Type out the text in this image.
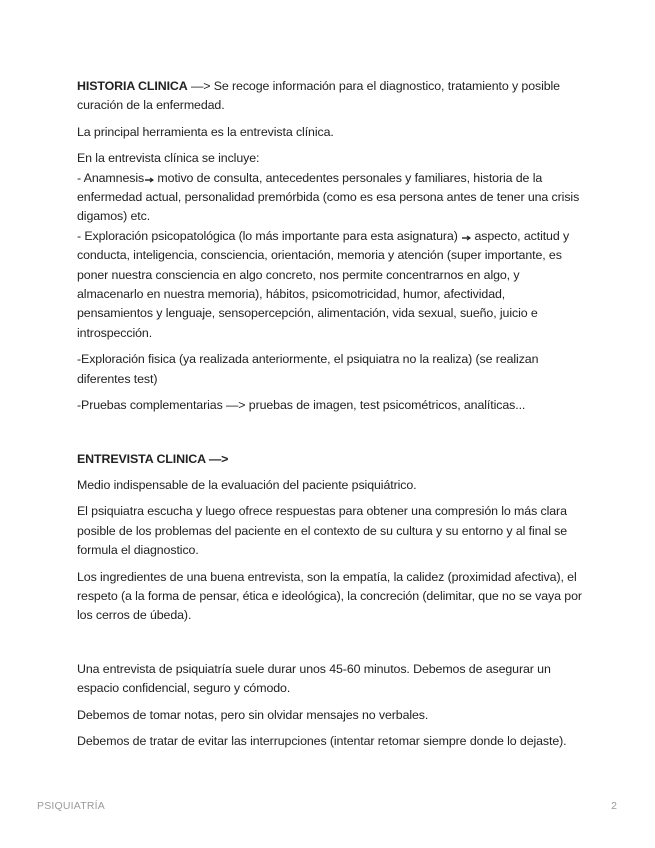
HISTORIA CLINICA —> Se recoge información para el diagnostico, tratamiento y posible curación de la enfermedad.

La principal herramienta es la entrevista clínica.

En la entrevista clínica se incluye:
- Anamnesis motivo de consulta, antecedentes personales y familiares, historia de la enfermedad actual, personalidad premórbida (como es esa persona antes de tener una crisis digamos) etc.
- Exploración psicopatológica (lo más importante para esta asignatura)  aspecto, actitud y conducta, inteligencia, consciencia, orientación, memoria y atención (super importante, es poner nuestra consciencia en algo concreto, nos permite concentrarnos en algo, y almacenarlo en nuestra memoria), hábitos, psicomotricidad, humor, afectividad, pensamientos y lenguaje, sensopercepción, alimentación, vida sexual, sueño, juicio e introspección.

-Exploración fisica (ya realizada anteriormente, el psiquiatra no la realiza) (se realizan diferentes test)

-Pruebas complementarias —> pruebas de imagen, test psicométricos, analíticas...

ENTREVISTA CLINICA —>

Medio indispensable de la evaluación del paciente psiquiátrico.

El psiquiatra escucha y luego ofrece respuestas para obtener una compresión lo más clara posible de los problemas del paciente en el contexto de su cultura y su entorno y al final se formula el diagnostico.

Los ingredientes de una buena entrevista, son la empatía, la calidez (proximidad afectiva), el respeto (a la forma de pensar, ética e ideológica), la concreción (delimitar, que no se vaya por los cerros de úbeda).

Una entrevista de psiquiatría suele durar unos 45-60 minutos. Debemos de asegurar un espacio confidencial, seguro y cómodo.

Debemos de tomar notas, pero sin olvidar mensajes no verbales.

Debemos de tratar de evitar las interrupciones (intentar retomar siempre donde lo dejaste).

PSIQUIATRÍA	2
